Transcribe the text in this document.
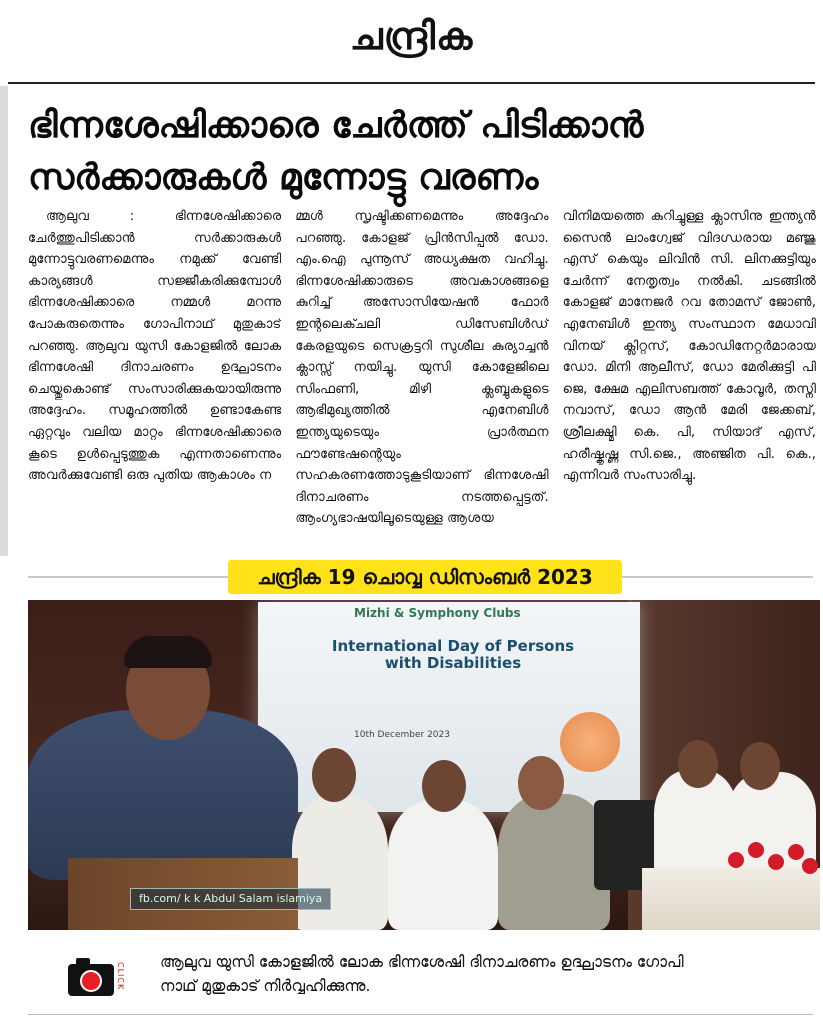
ചന്ദ്രിക
ഭിന്നശേഷിക്കാരെ ചേർത്ത് പിടിക്കാൻ
സർക്കാരുകൾ മുന്നോട്ടു വരണം
ആലുവ : ഭിന്നശേഷിക്കാരെ ചേർത്തുപിടിക്കാൻ സർക്കാരുകൾ മുന്നോട്ടുവരണമെന്നും നമുക്ക് വേണ്ടി കാര്യങ്ങൾ സജ്ജീകരിക്കുമ്പോൾ ഭിന്നശേഷിക്കാരെ നമ്മൾ മറന്നു പോകരുതെന്നും ഗോപിനാഥ് മുതുകാട് പറഞ്ഞു. ആലുവ യുസി കോളജിൽ ലോക ഭിന്നശേഷി ദിനാചരണം ഉദ്ഘാടനം ചെയ്തുകൊണ്ട് സംസാരിക്കുകയായിരുന്നു അദ്ദേഹം. സമൂഹത്തിൽ ഉണ്ടാകേണ്ട ഏറ്റവും വലിയ മാറ്റം ഭിന്നശേഷിക്കാരെ കൂടെ ഉൾപ്പെടുത്തുക എന്നതാണെന്നും അവർക്കുവേണ്ടി ഒരു പുതിയ ആകാശം ന
മ്മൾ സൃഷ്ടിക്കണമെന്നും അദ്ദേഹം പറഞ്ഞു. കോളജ് പ്രിൻസിപ്പൽ ഡോ. എം.ഐ പുന്നൂസ് അധ്യക്ഷത വഹിച്ചു. ഭിന്നശേഷിക്കാരുടെ അവകാശങ്ങളെ കുറിച്ച് അസോസിയേഷൻ ഫോർ ഇന്റലെക്ചലി ഡിസേബിൾഡ് കേരളയുടെ സെക്രട്ടറി സുശീല കുര്യാച്ചൻ ക്ലാസ്സ് നയിച്ചു. യുസി കോളേജിലെ സിംഫണി, മിഴി ക്ലബ്ബുകളുടെ ആഭിമുഖ്യത്തിൽ എനേബിൾ ഇന്ത്യയുടെയും പ്രാർത്ഥന ഫൗണ്ടേഷന്റെയും സഹകരണത്തോടുകൂടിയാണ് ഭിന്നശേഷി ദിനാചരണം നടത്തപ്പെട്ടത്. ആംഗ്യഭാഷയിലൂടെയുള്ള ആശയ
വിനിമയത്തെ കുറിച്ചുള്ള ക്ലാസിനു ഇന്ത്യൻ സൈൻ ലാംഗ്വേജ് വിദഗ്ധരായ മഞ്ജു എസ് കെയും ലിവിൻ സി. ലിനക്കുട്ടിയും ചേർന്ന് നേതൃത്വം നൽകി. ചടങ്ങിൽ കോളജ് മാനേജർ റവ തോമസ് ജോൺ, എനേബിൾ ഇന്ത്യ സംസ്ഥാന മേധാവി വിനയ് ക്ലിറ്റസ്, കോഡിനേറ്റർമാരായ ഡോ. മിനി ആലീസ്, ഡോ മേരിക്കുട്ടി പി ജെ, ക്ഷേമ എലിസബത്ത് കോവൂർ, തസ്നി നവാസ്, ഡോ ആൻ മേരി ജേക്കബ്, ശ്രീലക്ഷ്മി കെ. പി, സിയാദ് എസ്, ഹരീഷ്കൃഷ്ണ സി.ജെ., അഞ്ജിത പി. കെ., എന്നിവർ സംസാരിച്ചു.
ചന്ദ്രിക 19 ചൊവ്വ ഡിസംബർ 2023
Mizhi & Symphony Clubs
International Day of Persons with Disabilities
10th December 2023
fb.com/ k k Abdul Salam islamiya
CLICK ആലുവ യുസി കോളജിൽ ലോക ഭിന്നശേഷി ദിനാചരണം ഉദ്ഘാടനം ഗോപി
നാഥ് മുതുകാട് നിർവ്വഹിക്കുന്നു.
